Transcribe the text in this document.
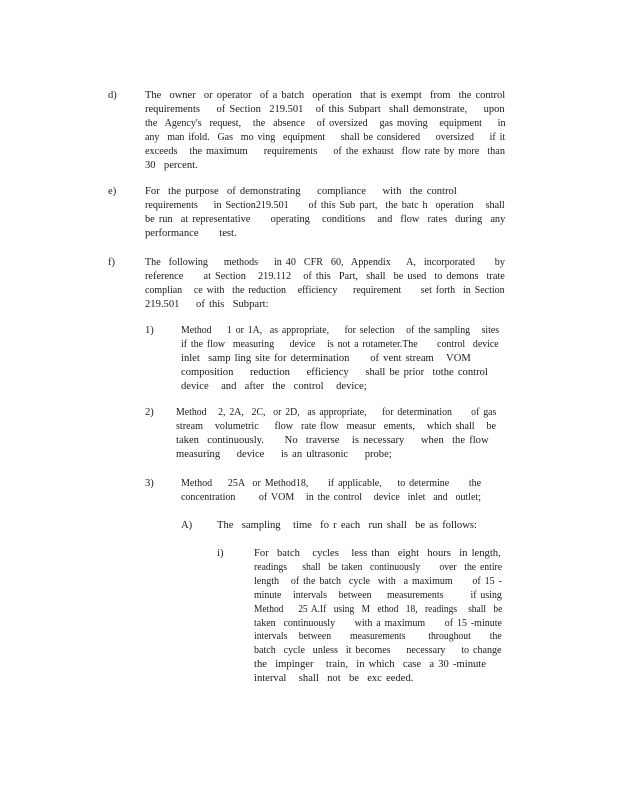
d)	The  owner  or operator  of a batch  operation  that is exempt  from  the control requirements    of Section  219.501   of this Subpart  shall demonstrate,    upon the  Agency's  request,   the  absence   of oversized   gas moving   equipment    in any  man ifold.  Gas  mo ving  equipment    shall be considered    oversized    if it exceeds   the maximum    requirements    of the exhaust  flow rate by more  than
30  percent.
e)	For  the purpose  of demonstrating    compliance    with  the control
requirements    in Section219.501     of this Sub part,  the batc h  operation   shall be run  at representative     operating   conditions   and  flow  rates  during  any
performance     test.
f)	The  following    methods    in 40  CFR  60,  Appendix    A,  incorporated     by reference     at Section   219.112   of this  Part,  shall  be used  to demons  trate complian   ce with  the reduction   efficiency    requirement     set forth  in Section
219.501    of this  Subpart:
1)	Method    1 or 1A,  as appropriate,    for selection   of the sampling   sites if the flow  measuring    device   is not a rotameter.The     control  device
inlet  samp ling site for determination     of vent stream   VOM
composition    reduction    efficiency    shall be prior  tothe control
device   and  after  the  control   device;
2) Method   2, 2A,  2C,  or 2D,  as appropriate,    for determination     of gas stream   volumetric    flow  rate flow  measur  ements,   which shall   be
taken  continuously.     No  traverse   is necessary    when  the flow
measuring    device    is an ultrasonic    probe;
3)	Method    25A  or Method18,     if applicable,    to determine     the concentration      of VOM   in the control   device  inlet  and  outlet;
A) The  sampling   time  fo r each  run shall  be as follows:
i)	For  batch   cycles   less than  eight  hours  in length,
readings    shall  be taken  continuously     over  the entire length   of the batch  cycle  with  a maximum     of 15 - minute   intervals   between    measurements       if using Method    25 A.If  using  M  ethod  18,  readings   shall  be taken  continuously     with a maximum     of 15 -minute intervals   between     measurements      throughout     the batch  cycle  unless  it becomes    necessary    to change
the  impinger   train,  in which  case  a 30 -minute
interval   shall  not  be  exc eeded.
